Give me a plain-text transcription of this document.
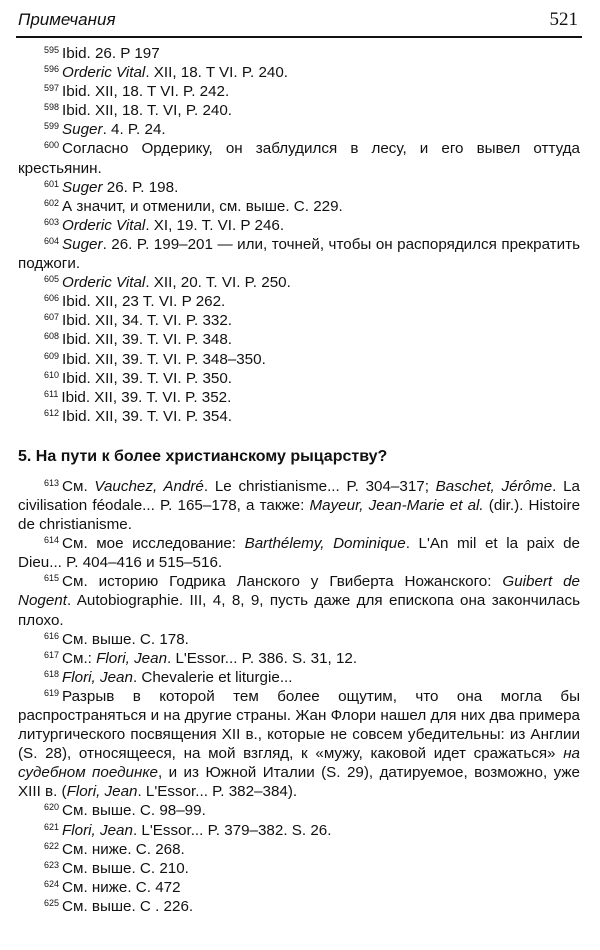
Примечания	521

$^{595}$ Ibid. 26. P 197

$^{596}$ Orderic Vital. XII, 18. T VI. P. 240.

$^{597}$ Ibid. XII, 18. T VI. P. 242.

$^{598}$ Ibid. XII, 18. T. VI, P. 240.

$^{599}$ Suger. 4. P. 24.

$^{600}$ Согласно Ордерику, он заблудился в лесу, и его вывел оттуда крестьянин.

$^{601}$ Suger 26. P. 198.

$^{602}$ А значит, и отменили, см. выше. С. 229.

$^{603}$ Orderic Vital. XI, 19. T. VI. P 246.

$^{604}$ Suger. 26. P. 199–201 — или, точней, чтобы он распорядился прекратить поджоги.

$^{605}$ Orderic Vital. XII, 20. T. VI. P. 250.

$^{606}$ Ibid. XII, 23 T. VI. P 262.

$^{607}$ Ibid. XII, 34. T. VI. P. 332.

$^{608}$ Ibid. XII, 39. T. VI. P. 348.

$^{609}$ Ibid. XII, 39. T. VI. P. 348–350.

$^{610}$ Ibid. XII, 39. T. VI. P. 350.

$^{611}$ Ibid. XII, 39. T. VI. P. 352.

$^{612}$ Ibid. XII, 39. T. VI. P. 354.

5. На пути к более христианскому рыцарству?

$^{613}$ См. Vauchez, André. Le christianisme... P. 304–317; Baschet, Jérôme. La civilisation féodale... P. 165–178, а также: Mayeur, Jean-Marie et al. (dir.). Histoire de christianisme.

$^{614}$ См. мое исследование: Barthélemy, Dominique. L'An mil et la paix de Dieu... P. 404–416 и 515–516.

$^{615}$ См. историю Годрика Ланского у Гвиберта Ножанского: Guibert de Nogent. Autobiographie. III, 4, 8, 9, пусть даже для епископа она закончилась плохо.

$^{616}$ См. выше. С. 178.

$^{617}$ См.: Flori, Jean. L'Essor... P. 386. S. 31, 12.

$^{618}$ Flori, Jean. Chevalerie et liturgie...

$^{619}$ Разрыв в которой тем более ощутим, что она могла бы распространяться и на другие страны. Жан Флори нашел для них два примера литургического посвящения XII в., которые не совсем убедительны: из Англии (S. 28), относящееся, на мой взгляд, к «мужу, каковой идет сражаться» на судебном поединке, и из Южной Италии (S. 29), датируемое, возможно, уже XIII в. (Flori, Jean. L'Essor... P. 382–384).

$^{620}$ См. выше. С. 98–99.

$^{621}$ Flori, Jean. L'Essor... P. 379–382. S. 26.

$^{622}$ См. ниже. С. 268.

$^{623}$ См. выше. С. 210.

$^{624}$ См. ниже. С. 472

$^{625}$ См. выше. С . 226.
